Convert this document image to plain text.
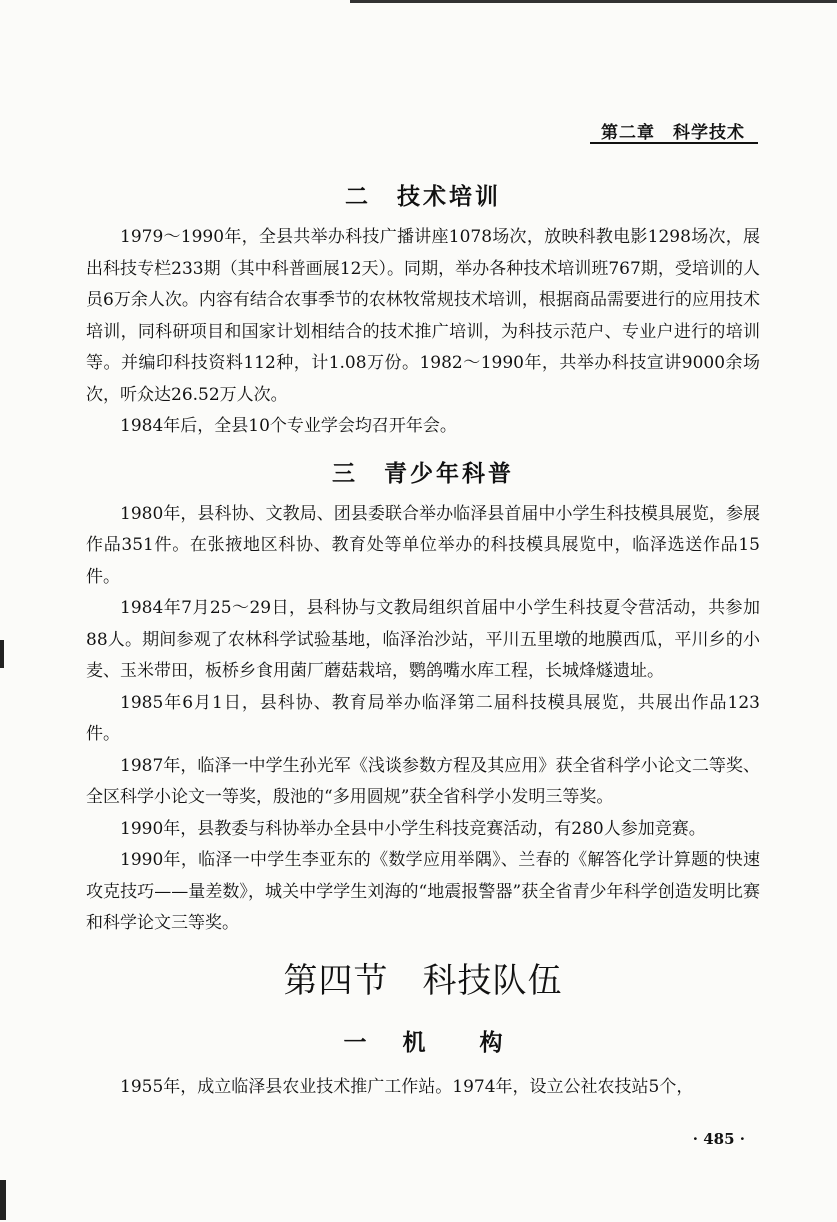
第二章　科学技术
二 技术培训

1979～1990年，全县共举办科技广播讲座1078场次，放映科教电影1298场次，展出科技专栏233期（其中科普画展12天）。同期，举办各种技术培训班767期，受培训的人员6万余人次。内容有结合农事季节的农林牧常规技术培训，根据商品需要进行的应用技术培训，同科研项目和国家计划相结合的技术推广培训，为科技示范户、专业户进行的培训等。并编印科技资料112种，计1.08万份。1982～1990年，共举办科技宣讲9000余场次，听众达26.52万人次。

1984年后，全县10个专业学会均召开年会。

三 青少年科普

1980年，县科协、文教局、团县委联合举办临泽县首届中小学生科技模具展览，参展作品351件。在张掖地区科协、教育处等单位举办的科技模具展览中，临泽选送作品15件。

1984年7月25～29日，县科协与文教局组织首届中小学生科技夏令营活动，共参加88人。期间参观了农林科学试验基地，临泽治沙站，平川五里墩的地膜西瓜，平川乡的小麦、玉米带田，板桥乡食用菌厂蘑菇栽培，鹦鸽嘴水库工程，长城烽燧遗址。

1985年6月1日，县科协、教育局举办临泽第二届科技模具展览，共展出作品123件。

1987年，临泽一中学生孙光军《浅谈参数方程及其应用》获全省科学小论文二等奖、全区科学小论文一等奖，殷池的“多用圆规”获全省科学小发明三等奖。

1990年，县教委与科协举办全县中小学生科技竞赛活动，有280人参加竞赛。

1990年，临泽一中学生李亚东的《数学应用举隅》、兰春的《解答化学计算题的快速攻克技巧——量差数》，城关中学学生刘海的“地震报警器”获全省青少年科学创造发明比赛和科学论文三等奖。

第四节 科技队伍
一 机 构

1955年，成立临泽县农业技术推广工作站。1974年，设立公社农技站5个，

· 485 ·
